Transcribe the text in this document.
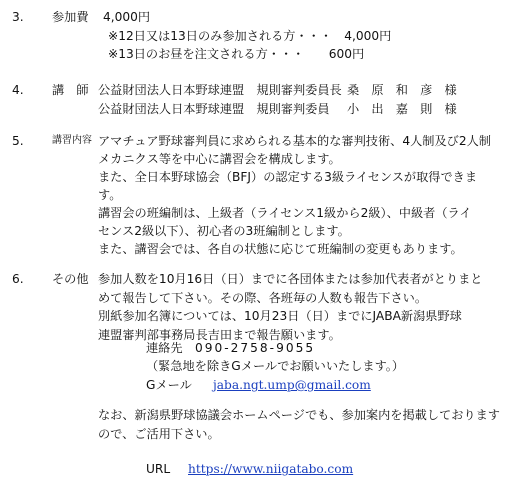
3. 参加費 4,000円
※12日又は13日のみ参加される方・・・　4,000円
※13日のお昼を注文される方・・・　　600円
4. 講　師 公益財団法人日本野球連盟　規則審判委員長 桑　原　和　彦　様
公益財団法人日本野球連盟　規則審判委員 小　出　嘉　則　様
5.	講習内容 アマチュア野球審判員に求められる基本的な審判技術、4人制及び2人制
メカニクス等を中心に講習会を構成します。
また、全日本野球協会（BFJ）の認定する3級ライセンスが取得できま
す。
講習会の班編制は、上級者（ライセンス1級から2級）、中級者（ライ
センス2級以下）、初心者の3班編制とします。
また、講習会では、各自の状態に応じて班編制の変更もあります。
6. その他 参加人数を10月16日（日）までに各団体または参加代表者がとりまと
めて報告して下さい。その際、各班毎の人数も報告下さい。
別紙参加名簿については、10月23日（日）までにJABA新潟県野球
連盟審判部事務局長吉田まで報告願います。
連絡先 090-2758-9055
（緊急地を除きGメールでお願いいたします。）
Gメール jaba.ngt.ump@gmail.com
なお、新潟県野球協議会ホームページでも、参加案内を掲載しております
ので、ご活用下さい。
URL https://www.niigatabo.com
